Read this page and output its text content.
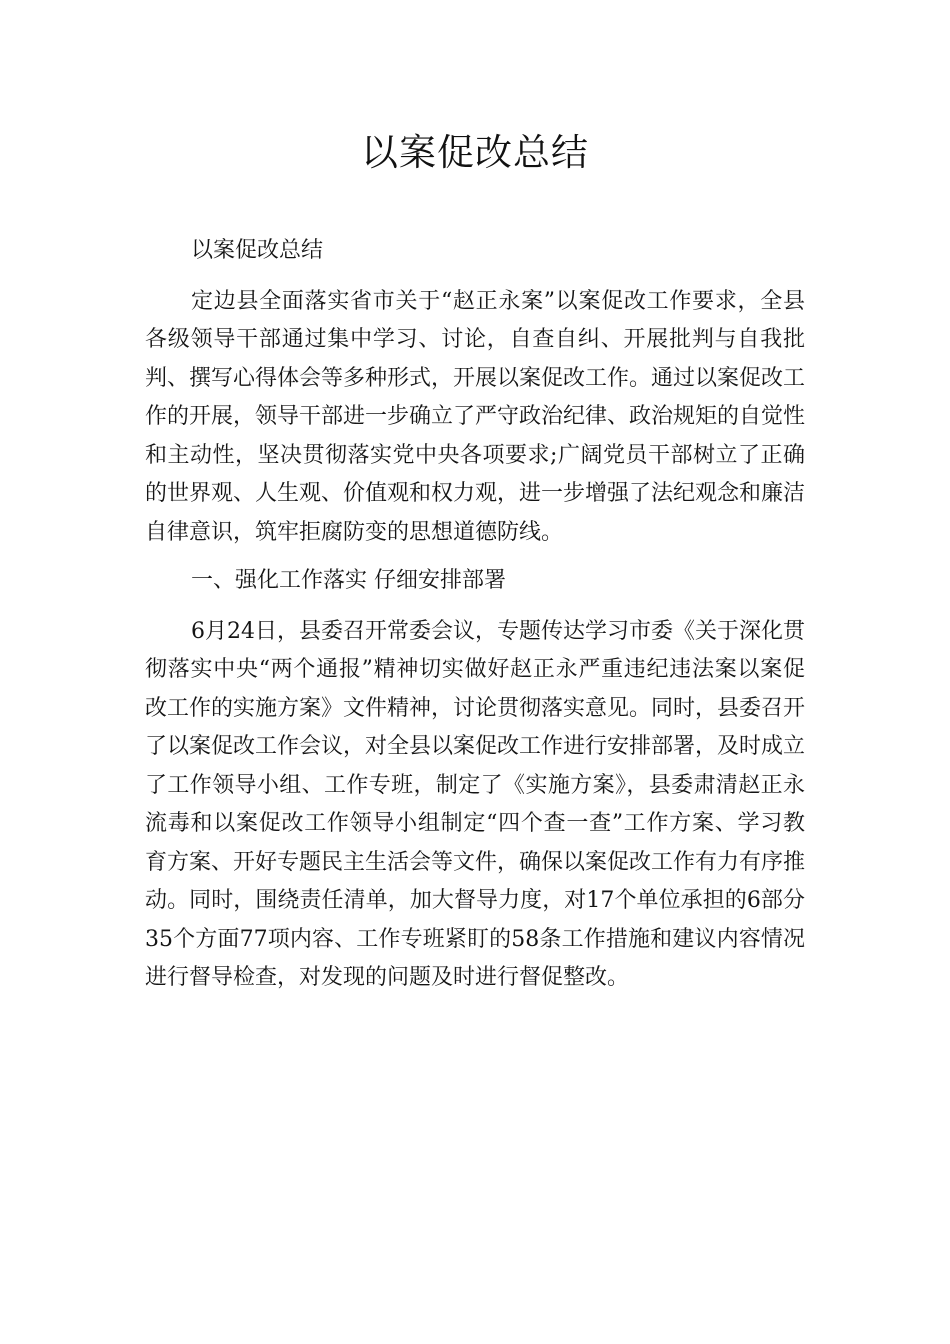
以案促改总结

以案促改总结

定边县全面落实省市关于“赵正永案”以案促改工作要求，全县各级领导干部通过集中学习、讨论，自查自纠、开展批判与自我批判、撰写心得体会等多种形式，开展以案促改工作。通过以案促改工作的开展，领导干部进一步确立了严守政治纪律、政治规矩的自觉性和主动性，坚决贯彻落实党中央各项要求;广阔党员干部树立了正确的世界观、人生观、价值观和权力观，进一步增强了法纪观念和廉洁自律意识，筑牢拒腐防变的思想道德防线。

一、强化工作落实 仔细安排部署

6月24日，县委召开常委会议，专题传达学习市委《关于深化贯彻落实中央“两个通报”精神切实做好赵正永严重违纪违法案以案促改工作的实施方案》文件精神，讨论贯彻落实意见。同时，县委召开了以案促改工作会议，对全县以案促改工作进行安排部署，及时成立了工作领导小组、工作专班，制定了《实施方案》，县委肃清赵正永流毒和以案促改工作领导小组制定“四个查一查”工作方案、学习教育方案、开好专题民主生活会等文件，确保以案促改工作有力有序推动。同时，围绕责任清单，加大督导力度，对17个单位承担的6部分35个方面77项内容、工作专班紧盯的58条工作措施和建议内容情况进行督导检查，对发现的问题及时进行督促整改。
